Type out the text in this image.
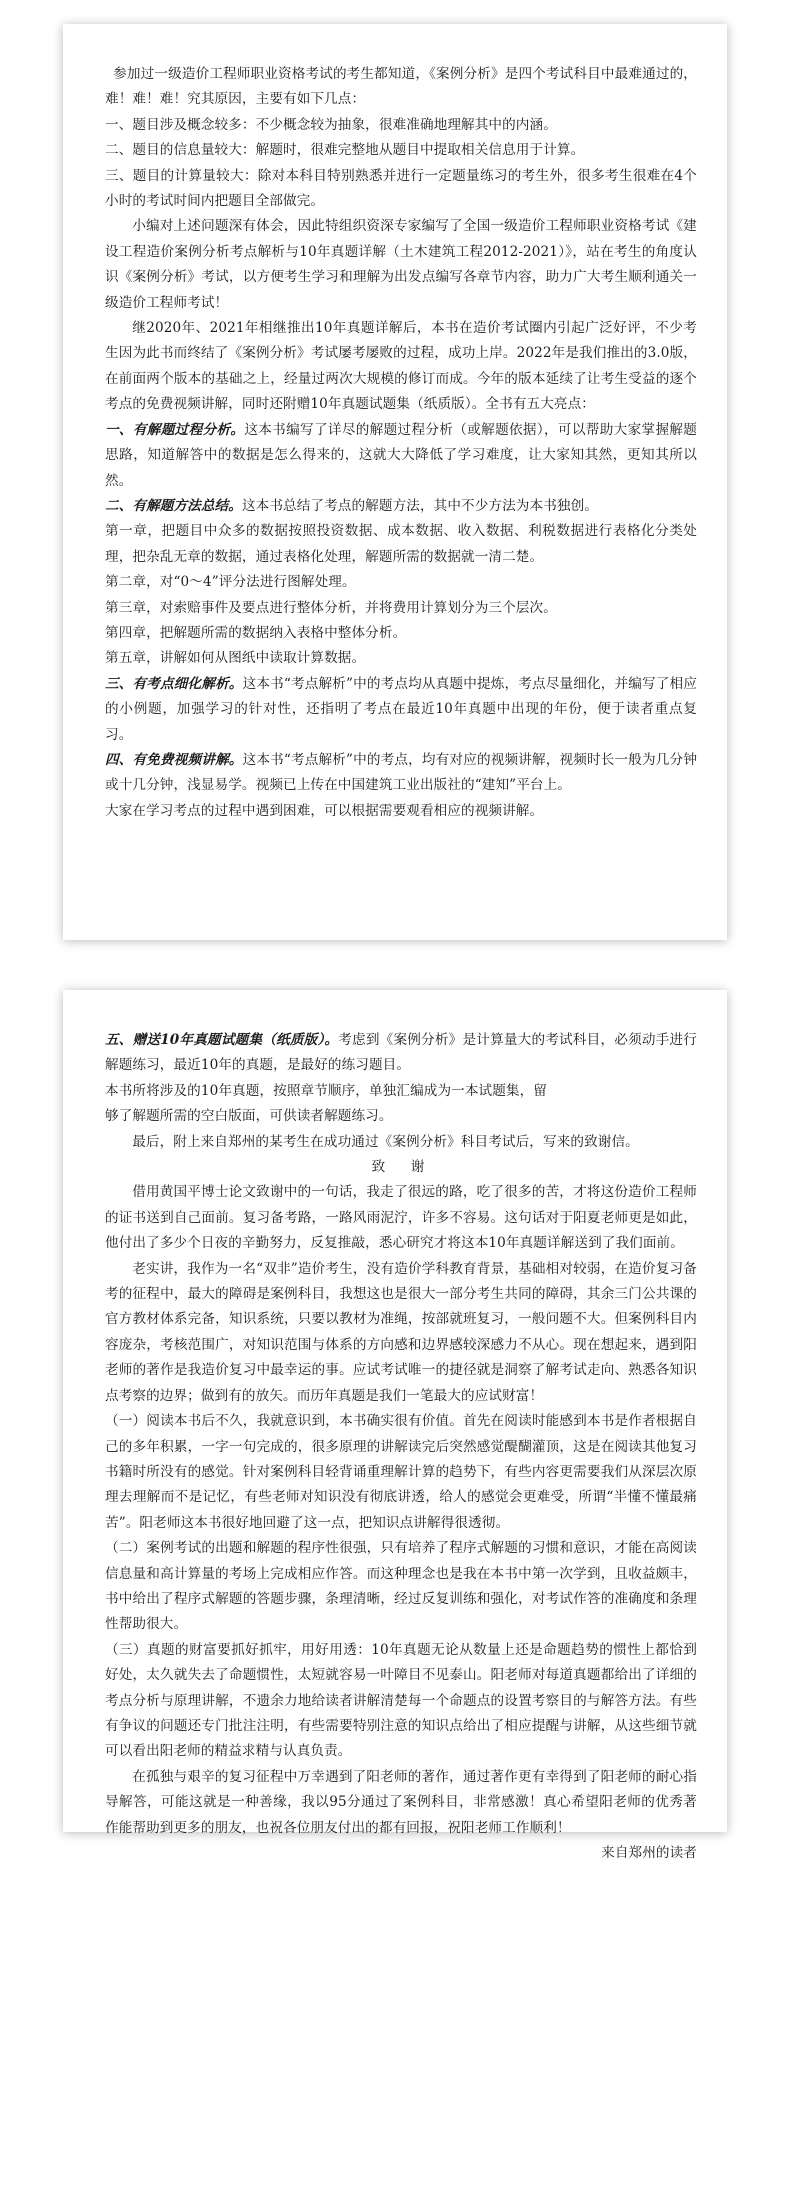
参加过一级造价工程师职业资格考试的考生都知道，《案例分析》是四个考试科目中最难通过的，难！难！难！究其原因，主要有如下几点：

一、题目涉及概念较多：不少概念较为抽象，很难准确地理解其中的内涵。

二、题目的信息量较大：解题时，很难完整地从题目中提取相关信息用于计算。

三、题目的计算量较大：除对本科目特别熟悉并进行一定题量练习的考生外，很多考生很难在4个小时的考试时间内把题目全部做完。

小编对上述问题深有体会，因此特组织资深专家编写了全国一级造价工程师职业资格考试《建设工程造价案例分析考点解析与10年真题详解（土木建筑工程2012-2021）》，站在考生的角度认识《案例分析》考试，以方便考生学习和理解为出发点编写各章节内容，助力广大考生顺利通关一级造价工程师考试！

继2020年、2021年相继推出10年真题详解后，本书在造价考试圈内引起广泛好评，不少考生因为此书而终结了《案例分析》考试屡考屡败的过程，成功上岸。2022年是我们推出的3.0版，在前面两个版本的基础之上，经量过两次大规模的修订而成。今年的版本延续了让考生受益的逐个考点的免费视频讲解，同时还附赠10年真题试题集（纸质版）。全书有五大亮点：

一、有解题过程分析。这本书编写了详尽的解题过程分析（或解题依据），可以帮助大家掌握解题思路，知道解答中的数据是怎么得来的，这就大大降低了学习难度，让大家知其然，更知其所以然。

二、有解题方法总结。这本书总结了考点的解题方法，其中不少方法为本书独创。

第一章，把题目中众多的数据按照投资数据、成本数据、收入数据、利税数据进行表格化分类处理，把杂乱无章的数据，通过表格化处理，解题所需的数据就一清二楚。

第二章，对“0～4”评分法进行图解处理。

第三章，对索赔事件及要点进行整体分析，并将费用计算划分为三个层次。

第四章，把解题所需的数据纳入表格中整体分析。

第五章，讲解如何从图纸中读取计算数据。

三、有考点细化解析。这本书“考点解析”中的考点均从真题中提炼，考点尽量细化，并编写了相应的小例题，加强学习的针对性，还指明了考点在最近10年真题中出现的年份，便于读者重点复习。

四、有免费视频讲解。这本书“考点解析”中的考点，均有对应的视频讲解，视频时长一般为几分钟或十几分钟，浅显易学。视频已上传在中国建筑工业出版社的“建知”平台上。

大家在学习考点的过程中遇到困难，可以根据需要观看相应的视频讲解。

五、赠送10年真题试题集（纸质版）。考虑到《案例分析》是计算量大的考试科目，必须动手进行解题练习，最近10年的真题，是最好的练习题目。

本书所将涉及的10年真题，按照章节顺序，单独汇编成为一本试题集，留

够了解题所需的空白版面，可供读者解题练习。

最后，附上来自郑州的某考生在成功通过《案例分析》科目考试后，写来的致谢信。

致　谢

借用黄国平博士论文致谢中的一句话，我走了很远的路，吃了很多的苦，才将这份造价工程师的证书送到自己面前。复习备考路，一路风雨泥泞，许多不容易。这句话对于阳夏老师更是如此，他付出了多少个日夜的辛勤努力，反复推敲，悉心研究才将这本10年真题详解送到了我们面前。

老实讲，我作为一名“双非”造价考生，没有造价学科教育背景，基础相对较弱，在造价复习备考的征程中，最大的障碍是案例科目，我想这也是很大一部分考生共同的障碍，其余三门公共课的官方教材体系完备，知识系统，只要以教材为准绳，按部就班复习，一般问题不大。但案例科目内容庞杂，考核范围广，对知识范围与体系的方向感和边界感较深感力不从心。现在想起来，遇到阳老师的著作是我造价复习中最幸运的事。应试考试唯一的捷径就是洞察了解考试走向、熟悉各知识点考察的边界；做到有的放矢。而历年真题是我们一笔最大的应试财富！

（一）阅读本书后不久，我就意识到，本书确实很有价值。首先在阅读时能感到本书是作者根据自己的多年积累，一字一句完成的，很多原理的讲解读完后突然感觉醍醐灌顶，这是在阅读其他复习书籍时所没有的感觉。针对案例科目轻背诵重理解计算的趋势下，有些内容更需要我们从深层次原理去理解而不是记忆，有些老师对知识没有彻底讲透，给人的感觉会更难受，所谓“半懂不懂最痛苦”。阳老师这本书很好地回避了这一点，把知识点讲解得很透彻。

（二）案例考试的出题和解题的程序性很强，只有培养了程序式解题的习惯和意识，才能在高阅读信息量和高计算量的考场上完成相应作答。而这种理念也是我在本书中第一次学到，且收益颇丰，书中给出了程序式解题的答题步骤，条理清晰，经过反复训练和强化，对考试作答的准确度和条理性帮助很大。

（三）真题的财富要抓好抓牢，用好用透：10年真题无论从数量上还是命题趋势的惯性上都恰到好处，太久就失去了命题惯性，太短就容易一叶障目不见泰山。阳老师对每道真题都给出了详细的考点分析与原理讲解，不遗余力地给读者讲解清楚每一个命题点的设置考察目的与解答方法。有些有争议的问题还专门批注注明，有些需要特别注意的知识点给出了相应提醒与讲解，从这些细节就可以看出阳老师的精益求精与认真负责。

在孤独与艰辛的复习征程中万幸遇到了阳老师的著作，通过著作更有幸得到了阳老师的耐心指导解答，可能这就是一种善缘，我以95分通过了案例科目，非常感激！真心希望阳老师的优秀著作能帮助到更多的朋友，也祝各位朋友付出的都有回报，祝阳老师工作顺利！

来自郑州的读者
